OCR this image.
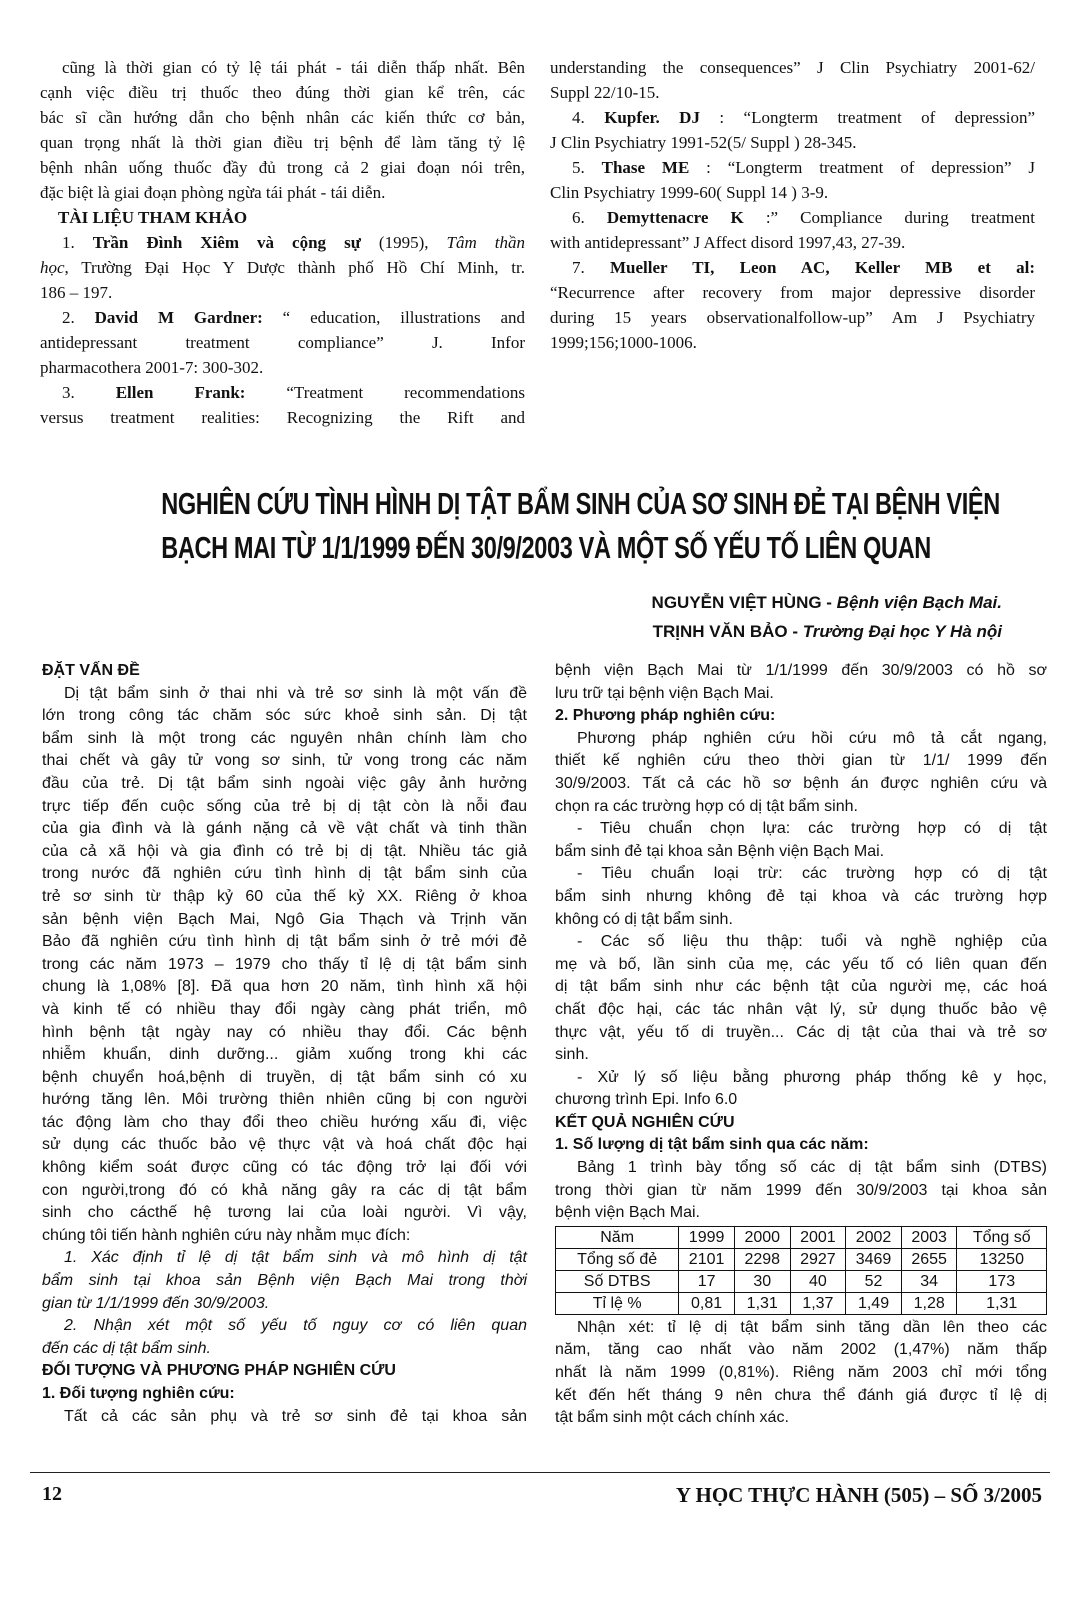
cũng là thời gian có tỷ lệ tái phát - tái diễn thấp nhất. Bên
cạnh việc điều trị thuốc theo đúng thời gian kể trên, các
bác sĩ cần hướng dẫn cho bệnh nhân các kiến thức cơ bản,
quan trọng nhất là thời gian điều trị bệnh để làm tăng tỷ lệ
bệnh nhân uống thuốc đầy đủ trong cả 2 giai đoạn nói trên,
đặc biệt là giai đoạn phòng ngừa tái phát - tái diễn.
TÀI LIỆU THAM KHẢO
1. Trần Đình Xiêm và cộng sự (1995), Tâm thần
học, Trường Đại Học Y Dược thành phố Hồ Chí Minh, tr.
186 – 197.
2. David M Gardner: “ education, illustrations and
antidepressant treatment compliance” J. Infor
pharmacothera 2001-7: 300-302.
3. Ellen Frank: “Treatment recommendations
versus treatment realities: Recognizing the Rift and
understanding the consequences” J Clin Psychiatry 2001-62/
Suppl 22/10-15.
4. Kupfer. DJ : “Longterm treatment of depression”
J Clin Psychiatry 1991-52(5/ Suppl ) 28-345.
5. Thase ME : “Longterm treatment of depression” J
Clin Psychiatry 1999-60( Suppl 14 ) 3-9.
6. Demyttenacre K :” Compliance during treatment
with antidepressant” J Affect disord 1997,43, 27-39.
7. Mueller TI, Leon AC, Keller MB et al:
“Recurrence after recovery from major depressive disorder
during 15 years observationalfollow-up” Am J Psychiatry
1999;156;1000-1006.
NGHIÊN CỨU TÌNH HÌNH DỊ TẬT BẨM SINH CỦA SƠ SINH ĐẺ TẠI BỆNH VIỆN
BẠCH MAI TỪ 1/1/1999 ĐẾN 30/9/2003 VÀ MỘT SỐ YẾU TỐ LIÊN QUAN
NGUYỄN VIỆT HÙNG - Bệnh viện Bạch Mai.
TRỊNH VĂN BẢO - Trường Đại học Y Hà nội
ĐẶT VẤN ĐỀ
Dị tật bẩm sinh ở thai nhi và trẻ sơ sinh là một vấn đề
lớn trong công tác chăm sóc sức khoẻ sinh sản. Dị tật
bẩm sinh là một trong các nguyên nhân chính làm cho
thai chết và gây tử vong sơ sinh, tử vong trong các năm
đầu của trẻ. Dị tật bẩm sinh ngoài việc gây ảnh hưởng
trực tiếp đến cuộc sống của trẻ bị dị tật còn là nỗi đau
của gia đình và là gánh nặng cả về vật chất và tinh thần
của cả xã hội và gia đình có trẻ bị dị tật. Nhiều tác giả
trong nước đã nghiên cứu tình hình dị tật bẩm sinh của
trẻ sơ sinh từ thập kỷ 60 của thế kỷ XX. Riêng ở khoa
sản bệnh viện Bạch Mai, Ngô Gia Thạch và Trịnh văn
Bảo đã nghiên cứu tình hình dị tật bẩm sinh ở trẻ mới đẻ
trong các năm 1973 – 1979 cho thấy tỉ lệ dị tật bẩm sinh
chung là 1,08% [8]. Đã qua hơn 20 năm, tình hình xã hội
và kinh tế có nhiều thay đổi ngày càng phát triển, mô
hình bệnh tật ngày nay có nhiều thay đổi. Các bệnh
nhiễm khuẩn, dinh dưỡng... giảm xuống trong khi các
bệnh chuyển hoá,bệnh di truyền, dị tật bẩm sinh có xu
hướng tăng lên. Môi trường thiên nhiên cũng bị con người
tác động làm cho thay đổi theo chiều hướng xấu đi, việc
sử dụng các thuốc bảo vệ thực vật và hoá chất độc hại
không kiểm soát được cũng có tác động trở lại đối với
con người,trong đó có khả năng gây ra các dị tật bẩm
sinh cho cácthế hệ tương lai của loài người. Vì vậy,
chúng tôi tiến hành nghiên cứu này nhằm mục đích:
1. Xác định tỉ lệ dị tật bẩm sinh và mô hình dị tật
bẩm sinh tại khoa sản Bệnh viện Bạch Mai trong thời
gian từ 1/1/1999 đến 30/9/2003.
2. Nhận xét một số yếu tố nguy cơ có liên quan
đến các dị tật bẩm sinh.
ĐỐI TƯỢNG VÀ PHƯƠNG PHÁP NGHIÊN CỨU
1. Đối tượng nghiên cứu:
Tất cả các sản phụ và trẻ sơ sinh đẻ tại khoa sản
bệnh viện Bạch Mai từ 1/1/1999 đến 30/9/2003 có hồ sơ
lưu trữ tại bệnh viện Bạch Mai.
2. Phương pháp nghiên cứu:
Phương pháp nghiên cứu hồi cứu mô tả cắt ngang,
thiết kế nghiên cứu theo thời gian từ 1/1/ 1999 đến
30/9/2003. Tất cả các hồ sơ bệnh án được nghiên cứu và
chọn ra các trường hợp có dị tật bẩm sinh.
- Tiêu chuẩn chọn lựa: các trường hợp có dị tật
bẩm sinh đẻ tại khoa sản Bệnh viện Bạch Mai.
- Tiêu chuẩn loại trừ: các trường hợp có dị tật
bẩm sinh nhưng không đẻ tại khoa và các trường hợp
không có dị tật bẩm sinh.
- Các số liệu thu thập: tuổi và nghề nghiệp của
mẹ và bố, lần sinh của mẹ, các yếu tố có liên quan đến
dị tật bẩm sinh như các bệnh tật của người mẹ, các hoá
chất độc hại, các tác nhân vật lý, sử dụng thuốc bảo vệ
thực vật, yếu tố di truyền... Các dị tật của thai và trẻ sơ
sinh.
- Xử lý số liệu bằng phương pháp thống kê y học,
chương trình Epi. Info 6.0
KẾT QUẢ NGHIÊN CỨU
1. Số lượng dị tật bẩm sinh qua các năm:
Bảng 1 trình bày tổng số các dị tật bẩm sinh (DTBS)
trong thời gian từ năm 1999 đến 30/9/2003 tại khoa sản
bệnh viện Bạch Mai.
Năm	1999	2000	2001	2002	2003	Tổng số
Tổng số đẻ	2101	2298	2927	3469	2655	13250
Số DTBS	17	30	40	52	34	173
Tỉ lệ %	0,81	1,31	1,37	1,49	1,28	1,31
Nhận xét: tỉ lệ dị tật bẩm sinh tăng dần lên theo các
năm, tăng cao nhất vào năm 2002 (1,47%) năm thấp
nhất là năm 1999 (0,81%). Riêng năm 2003 chỉ mới tổng
kết đến hết tháng 9 nên chưa thể đánh giá được tỉ lệ dị
tật bẩm sinh một cách chính xác.
12	Y HỌC THỰC HÀNH (505) – SỐ 3/2005
